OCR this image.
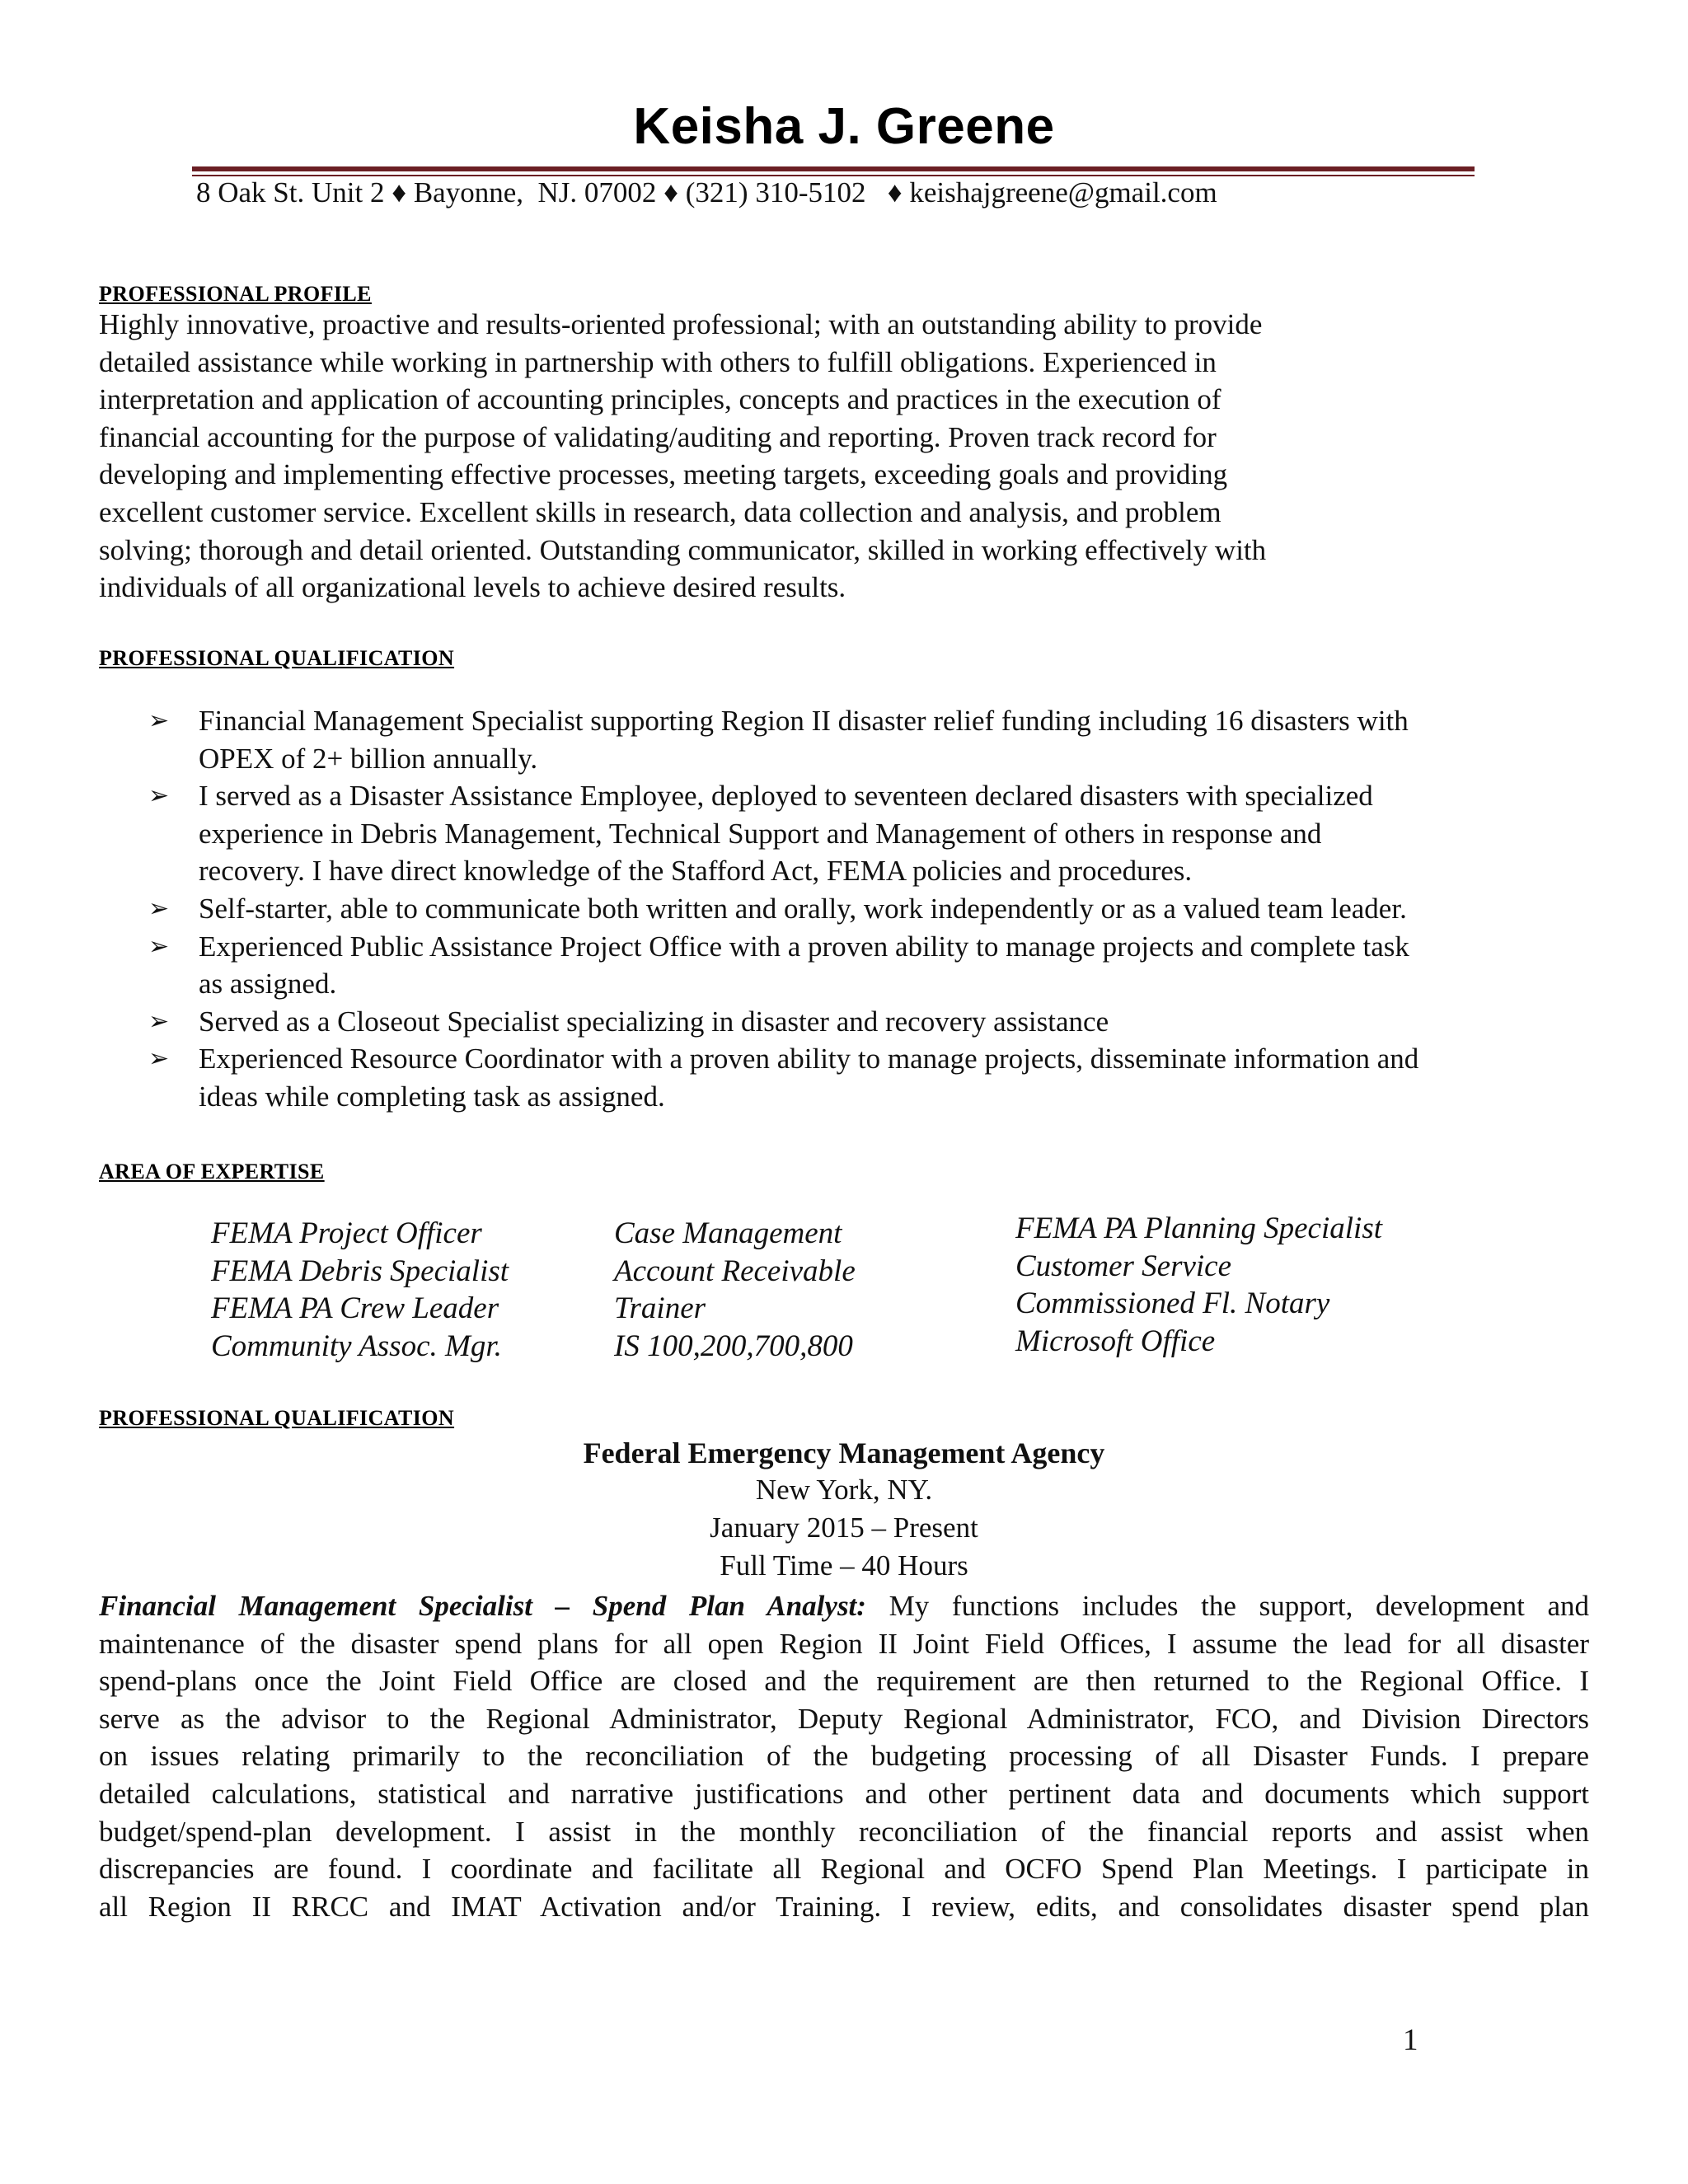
Keisha J. Greene
8 Oak St. Unit 2 ♦ Bayonne,  NJ. 07002 ♦ (321) 310-5102   ♦ keishajgreene@gmail.com
PROFESSIONAL PROFILE

Highly innovative, proactive and results-oriented professional; with an outstanding ability to provide

detailed assistance while working in partnership with others to fulfill obligations. Experienced in

interpretation and application of accounting principles, concepts and practices in the execution of

financial accounting for the purpose of validating/auditing and reporting. Proven track record for

developing and implementing effective processes, meeting targets, exceeding goals and providing

excellent customer service. Excellent skills in research, data collection and analysis, and problem

solving; thorough and detail oriented. Outstanding communicator, skilled in working effectively with

individuals of all organizational levels to achieve desired results.

PROFESSIONAL QUALIFICATION
➢ Financial Management Specialist supporting Region II disaster relief funding including 16 disasters with

OPEX of 2+ billion annually.

➢ I served as a Disaster Assistance Employee, deployed to seventeen declared disasters with specialized

experience in Debris Management, Technical Support and Management of others in response and

recovery. I have direct knowledge of the Stafford Act, FEMA policies and procedures.

➢ Self-starter, able to communicate both written and orally, work independently or as a valued team leader.

➢ Experienced Public Assistance Project Office with a proven ability to manage projects and complete task

as assigned.

➢ Served as a Closeout Specialist specializing in disaster and recovery assistance

➢ Experienced Resource Coordinator with a proven ability to manage projects, disseminate information and

ideas while completing task as assigned.

AREA OF EXPERTISE
FEMA Project Officer
FEMA Debris Specialist
FEMA PA Crew Leader
Community Assoc. Mgr.
Case Management
Account Receivable
Trainer
IS 100,200,700,800
FEMA PA Planning Specialist
Customer Service
Commissioned Fl. Notary
Microsoft Office
PROFESSIONAL QUALIFICATION
Federal Emergency Management Agency
New York, NY.
January 2015 – Present
Full Time – 40 Hours

Financial Management Specialist – Spend Plan Analyst: My functions includes the support, development and

maintenance of the disaster spend plans for all open Region II Joint Field Offices, I assume the lead for all disaster

spend-plans once the Joint Field Office are closed and the requirement are then returned to the Regional Office. I

serve as the advisor to the Regional Administrator, Deputy Regional Administrator, FCO, and Division Directors

on issues relating primarily to the reconciliation of the budgeting processing of all Disaster Funds. I prepare

detailed calculations, statistical and narrative justifications and other pertinent data and documents which support

budget/spend-plan development. I assist in the monthly reconciliation of the financial reports and assist when

discrepancies are found. I coordinate and facilitate all Regional and OCFO Spend Plan Meetings. I participate in

all Region II RRCC and IMAT Activation and/or Training. I review, edits, and consolidates disaster spend plan

1
